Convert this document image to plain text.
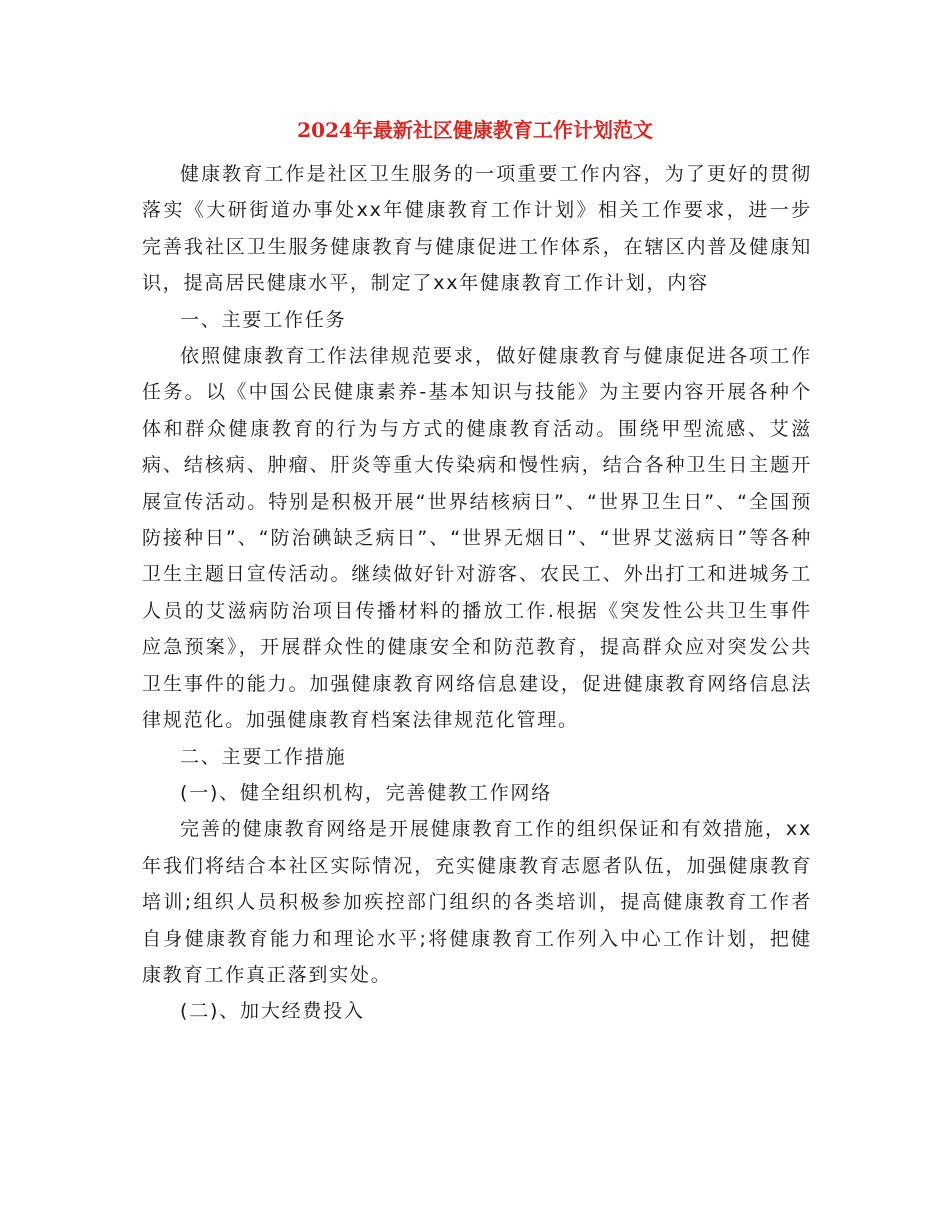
2024年最新社区健康教育工作计划范文

健康教育工作是社区卫生服务的一项重要工作内容，为了更好的贯彻落实《大研街道办事处xx年健康教育工作计划》相关工作要求，进一步完善我社区卫生服务健康教育与健康促进工作体系，在辖区内普及健康知识，提高居民健康水平，制定了xx年健康教育工作计划，内容

一、主要工作任务

依照健康教育工作法律规范要求，做好健康教育与健康促进各项工作任务。以《中国公民健康素养-基本知识与技能》为主要内容开展各种个体和群众健康教育的行为与方式的健康教育活动。围绕甲型流感、艾滋病、结核病、肿瘤、肝炎等重大传染病和慢性病，结合各种卫生日主题开展宣传活动。特别是积极开展“世界结核病日”、“世界卫生日”、“全国预防接种日”、“防治碘缺乏病日”、“世界无烟日”、“世界艾滋病日”等各种卫生主题日宣传活动。继续做好针对游客、农民工、外出打工和进城务工人员的艾滋病防治项目传播材料的播放工作.根据《突发性公共卫生事件应急预案》，开展群众性的健康安全和防范教育，提高群众应对突发公共卫生事件的能力。加强健康教育网络信息建设，促进健康教育网络信息法律规范化。加强健康教育档案法律规范化管理。

二、主要工作措施

(一)、健全组织机构，完善健教工作网络

完善的健康教育网络是开展健康教育工作的组织保证和有效措施，xx年我们将结合本社区实际情况，充实健康教育志愿者队伍，加强健康教育培训;组织人员积极参加疾控部门组织的各类培训，提高健康教育工作者自身健康教育能力和理论水平;将健康教育工作列入中心工作计划，把健康教育工作真正落到实处。

(二)、加大经费投入
